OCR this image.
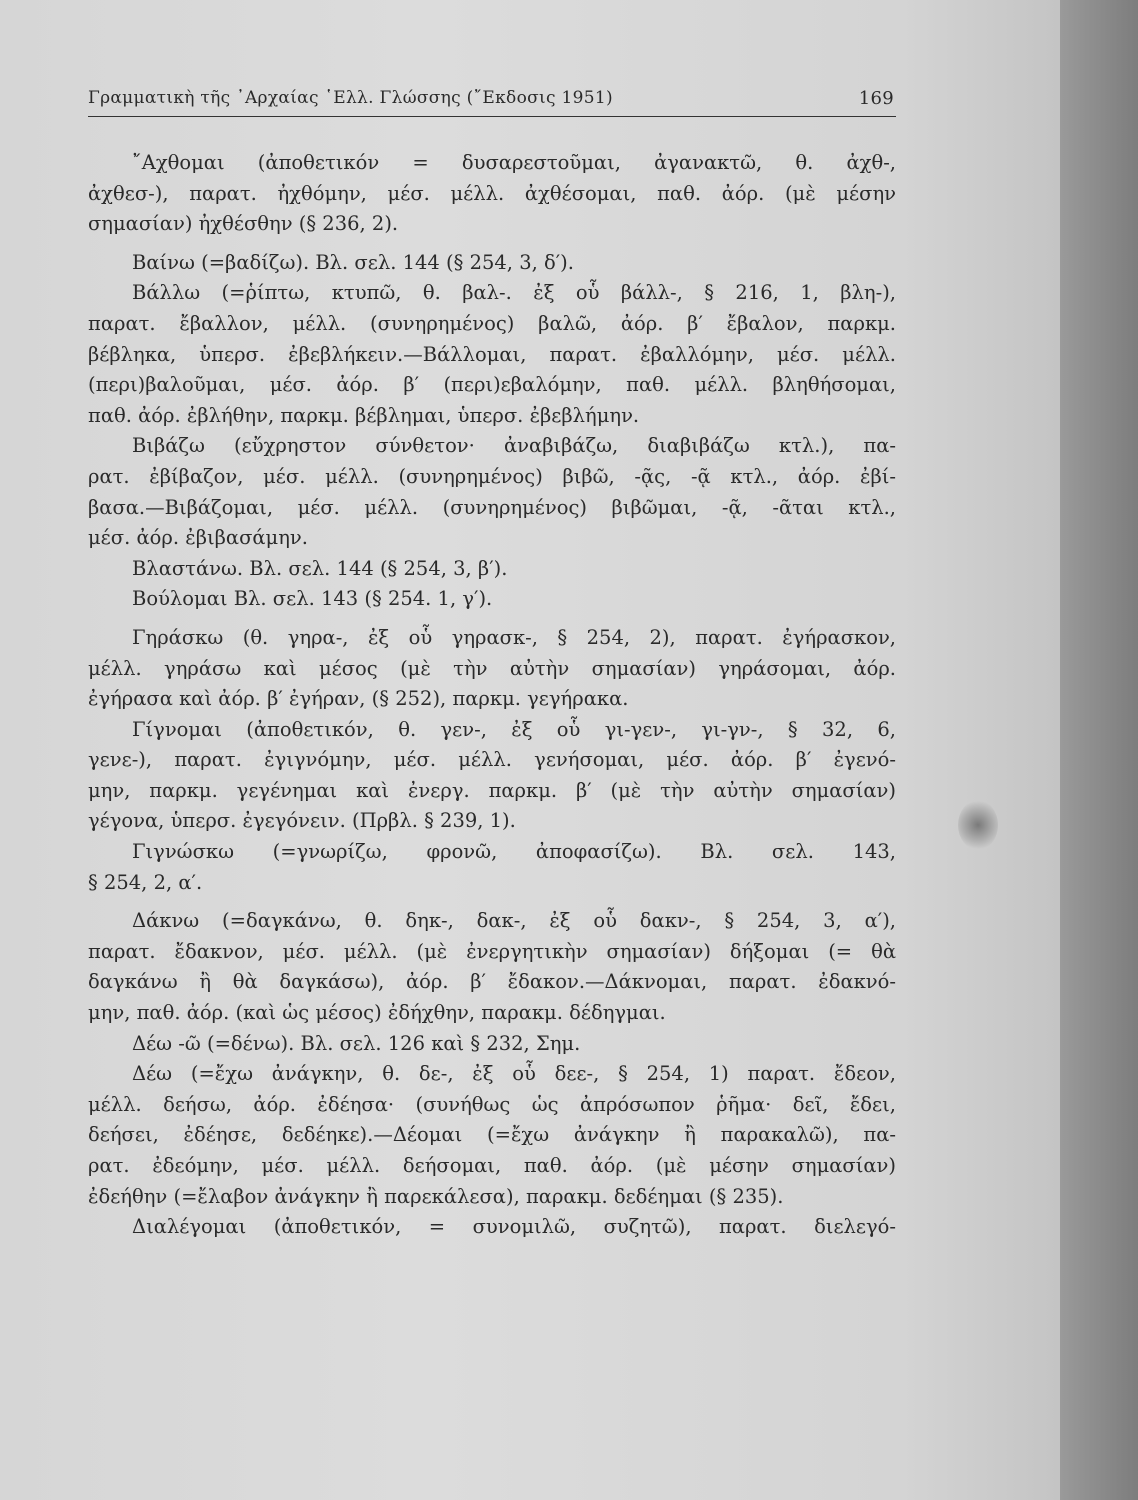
Γραμματικὴ τῆς ᾿Αρχαίας ῾Ελλ. Γλώσσης (῎Εκδοσις 1951)	169
῎Αχθομαι (ἀποθετικόν = δυσαρεστοῦμαι, ἀγανακτῶ, θ. ἀχθ-,
ἀχθεσ-), παρατ. ἠχθόμην, μέσ. μέλλ. ἀχθέσομαι, παθ. ἀόρ. (μὲ μέσην
σημασίαν) ἠχθέσθην (§ 236, 2).
Βαίνω (=βαδίζω). Βλ. σελ. 144 (§ 254, 3, δ′).
Βάλλω (=ῥίπτω, κτυπῶ, θ. βαλ-. ἐξ οὗ βάλλ-, § 216, 1, βλη-),
παρατ. ἔβαλλον, μέλλ. (συνηρημένος) βαλῶ, ἀόρ. β′ ἔβαλον, παρκμ.
βέβληκα, ὑπερσ. ἐβεβλήκειν.—Βάλλομαι, παρατ. ἐβαλλόμην, μέσ. μέλλ.
(περι)βαλοῦμαι, μέσ. ἀόρ. β′ (περι)εβαλόμην, παθ. μέλλ. βληθήσομαι,
παθ. ἀόρ. ἐβλήθην, παρκμ. βέβλημαι, ὑπερσ. ἐβεβλήμην.
Βιβάζω (εὔχρηστον σύνθετον· ἀναβιβάζω, διαβιβάζω κτλ.), πα-
ρατ. ἐβίβαζον, μέσ. μέλλ. (συνηρημένος) βιβῶ, -ᾷς, -ᾷ κτλ., ἀόρ. ἐβί-
βασα.—Βιβάζομαι, μέσ. μέλλ. (συνηρημένος) βιβῶμαι, -ᾷ, -ᾶται κτλ.,
μέσ. ἀόρ. ἐβιβασάμην.
Βλαστάνω. Βλ. σελ. 144 (§ 254, 3, β′).
Βούλομαι Βλ. σελ. 143 (§ 254. 1, γ′).
Γηράσκω (θ. γηρα-, ἐξ οὗ γηρασκ-, § 254, 2), παρατ. ἐγήρασκον,
μέλλ. γηράσω καὶ μέσος (μὲ τὴν αὐτὴν σημασίαν) γηράσομαι, ἀόρ.
ἐγήρασα καὶ ἀόρ. β′ ἐγήραν, (§ 252), παρκμ. γεγήρακα.
Γίγνομαι (ἀποθετικόν, θ. γεν-, ἐξ οὗ γι-γεν-, γι-γν-, § 32, 6,
γενε-), παρατ. ἐγιγνόμην, μέσ. μέλλ. γενήσομαι, μέσ. ἀόρ. β′ ἐγενό-
μην, παρκμ. γεγένημαι καὶ ἐνεργ. παρκμ. β′ (μὲ τὴν αὐτὴν σημασίαν)
γέγονα, ὑπερσ. ἐγεγόνειν. (Πρβλ. § 239, 1).
Γιγνώσκω (=γνωρίζω, φρονῶ, ἀποφασίζω). Βλ. σελ. 143,
§ 254, 2, α′.
Δάκνω (=δαγκάνω, θ. δηκ-, δακ-, ἐξ οὗ δακν-, § 254, 3, α′),
παρατ. ἔδακνον, μέσ. μέλλ. (μὲ ἐνεργητικὴν σημασίαν) δήξομαι (= θὰ
δαγκάνω ἢ θὰ δαγκάσω), ἀόρ. β′ ἔδακον.—Δάκνομαι, παρατ. ἐδακνό-
μην, παθ. ἀόρ. (καὶ ὡς μέσος) ἐδήχθην, παρακμ. δέδηγμαι.
Δέω -ῶ (=δένω). Βλ. σελ. 126 καὶ § 232, Σημ.
Δέω (=ἔχω ἀνάγκην, θ. δε-, ἐξ οὗ δεε-, § 254, 1) παρατ. ἔδεον,
μέλλ. δεήσω, ἀόρ. ἐδέησα· (συνήθως ὡς ἀπρόσωπον ῥῆμα· δεῖ, ἔδει,
δεήσει, ἐδέησε, δεδέηκε).—Δέομαι (=ἔχω ἀνάγκην ἢ παρακαλῶ), πα-
ρατ. ἐδεόμην, μέσ. μέλλ. δεήσομαι, παθ. ἀόρ. (μὲ μέσην σημασίαν)
ἐδεήθην (=ἔλαβον ἀνάγκην ἢ παρεκάλεσα), παρακμ. δεδέημαι (§ 235).
Διαλέγομαι (ἀποθετικόν, = συνομιλῶ, συζητῶ), παρατ. διελεγό-
